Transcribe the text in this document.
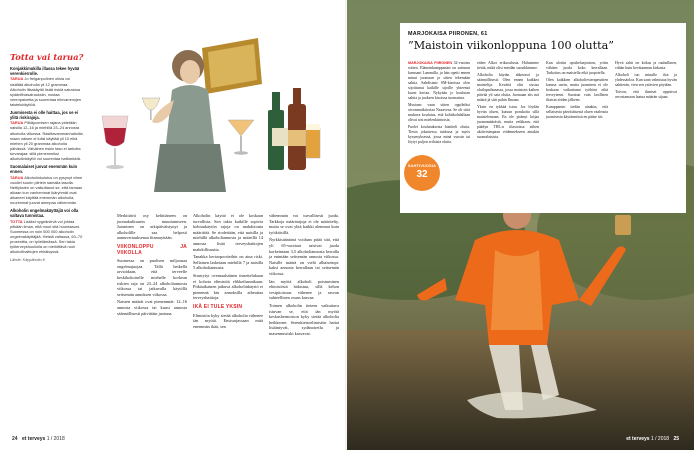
Totta vai tarua?
Konjakkimukilla illassa tekee hyvää verenkierrolle.
TARUA Jo freiganpolinen olisia voi sisältää alkoholia yli 12 grammaa. Alkoholin liikakäyttö lisää riskiä sairastua sydänfilvasairauksiin, nostaa verenpainetta ja suurentaa elinvammojen taistelukäyttöä.
Juomisesta ei olle haittaa, jos se ei ylitä riskirajoja.
TARUA Pitkäjuomisen rajana pidetään naisilla 12–16 ja miehillä 23–24 annosta alkoholia viikossa. Rasittavammanhaitoilla maan naisen ei tulisi käyttää yli 10 eikä miehen yli 20 grammaa alkoholia päivässä. Vähäinen riskin taso ei tarkoita turvarajaa: sillä pienemmiksi alkoholinkäyttö voi suurentaa haittariskiä.
Suomalaiset juovat enemmän kuin ennen.
TARUA Alkoholinkulutus on pysynyt viime vuodet suurin piirtein samalla tasolla. Nettiyksien on vaikuttanut se, että tamaan alkaan kun vanhemmat ikäryhmät ovat alkaneet käyttää enemmän alkoholia, nuorimmat juovat aiempaa vähemmän.
Alkoholin ongelmakäyttäjiä voi olla valtava tunnistaa.
TOTTA Lisäksi nygeänlevä voi johtaa pitkään ilman, että muut sitä huomaavat. Suomessa on noin 500 000 alkoholin ongelmakäyttäjää. Heistä valtaosa, 60–70 prosenttia, on työelämässä. Sen takia työterveyshuollolla on merkittävä rooli alkoholihaittojen ehkäisyssä.
Lähde: Käypähoito.fi

Merkittävä osy kehittäneen on juomakulttuurin muuttamiseen. Juominen on arkipäiväistynyt ja alkoholille saa helposti aamuvertauksenaa fitamuyttään.

VIIKONLOPPU JA VIIKOLLA

Suomessa on puolisen miljoonaa ongelmajuojaa. Tällä hetkellä arvioidaan, että terveelle keskikokoiselle miehelle korkean riskien raja on 23–24 alkoholiannosta viikossa tai jatkuvalla käytöllä seitsemän annoksen viikossa.

Naisten määrät ovat pienemmät: 12–16 annosta viikossa tai kuusi annosta säännöllisesti päivittäin juotuna.

Alkoholin käyttö ei ole koskaan turvallista. Sen takia kaikille sopivia kohtuukäytön rajoja on mahdotonta määrittää. Se riodettään, että naisilla ja miehillä alkoholiannosta ja määrillä 14 annosta lisää terveyshaittojen mahdollisuutta.

Tanakka kertaopootteihin on aina riski. Sellainen lasketaan miehillä 7 ja naisilla 5 alkoholiannosta.

Strutrytyt ovemaalsäinen itsnettelukaan ei kohota elimistöä elikkeihanaikaan. Pitkäaikainen jatkuva alkoholinkäyttö ei pienennä kin annoksilla aiheuttaa terveyshaittoja.

IKÄ EI TULE YKSIN

Elimistön kyky sietää alkoholia vähenee iän myötä. Ensisarjassaan mitä enemmän ikää, sen

vähemmän voi turvallisesti juoda. Tarkkoja määrärajoja ei ole määritelty, mutta se ovat yhtä kaikki alemmat kuin työikäisillä.

Nyrkkisääntönä voidaan pitää sitä, että yli 65-vuotiaat saisivat juoda korkeintaan 3,5 alkoholiannosta kerralla ja enintään seitsemän annosta viikossa. Naisille määrä on vielä alhaisempi: kaksi annosta kerrallaan tai seitsemän viikossa.

Iän myötä alkoholi poistuminen elimistöstä hidastuu, sillä kehon vesipitoisuus vähenee ja rasvan suhteellinen osuus kasvaa.

Toimen alkoholin tieteen vaikuttava istuvan se, että iän myötä keskushermoston kyky sietää alkoholia heikkenee. Serenkiertoelimistön haitat lisääntyvät, sydänoireilu ja masennusriski kasvavat.

24 et terveys 1 / 2018
MARJOKAISA PIIRONEN, 61
”Maistoin viikonloppuna 100 olutta”

MARJOKAISA PIIRONEN 32-vuotias siitten. Elämänkumppanini on sattunut kanssani Lammilla, ja hän opetti ennen minut juomaan ja sitten tekemään sahtia. Sahdistani SM-kisoissa olen sijoittunut kaikille sijoille yhteensä kuusi kertaa. Nykyään jo koulutan sahtia ja juoksen kisoissa tuomarina.

Mustano vaan sitten oppileiksi oivonmutkitoriaa Naxavesa. Se oli siitä mukava koulutus, että kohtikohdallaan olivat tosi mielenkiintoisia.

Puolet koulutuksesta käsitteli olutta. Tiesin jokaisessa taidossa ja myös kysymyksessä, jossa minä vuosin tai löytyi paljon erilaisia oluita.

eiden Alkot eriksoulusta. Halusinme tietää, mikä olisi meidän suosikkimme.

Alkoholia käytän ahkerasti ja säännöllisesti. Olen ennen kaikkea maistelija. Kevättä olin sissisa olutlapaihunassa, jossa maistoin kaiken päivää yli sata olutta. Juomaan siis mä määrä jä siitt pahin Ilmaan.

Yksin en tykkää istua. Jos löydän hyvän oluen, kutsun porukoita sillä maistelemaan. En ole pitänyt krijaa juomamäärästä, mutta veikkaan, että päädyn THL:n tilastoissa siihen aktiivisimpaan viidennekseen ainakin suomalaisista.

Kun aloitin opiskeluajoiston, yritin vähiten juoda koko kerrallaan. Tarkoitus on maistella eikä juopotella.

Olen kaikkien alkoholiesterapeuttien kanssa usein, mutta juominen ei ole koskaan vaikuttanut työhöni eikä terveyteeni. Suostun vain lasillisen iltaisin töiden jälkeen.

Kumppanini tiedän ainakin, että sellaisesta päivittäisestä oluen vaaleasta juomisesta käytännössä en pääse irti.

Hyvä sahti on kirkas ja rauhallinen, vähän kuin kevätaamun kirkasta.

Alkoholi tuo minulle iloa ja yhdessäoloa. Kun saan valmistaa hyvän sahtierän, vien sen ystävien pöytään.

Toivon, että ihmiset oppisivat arvostamaan laatua määrän sijaan.

SAHTIVUOSIA
32
et terveys 1 / 2018 25
